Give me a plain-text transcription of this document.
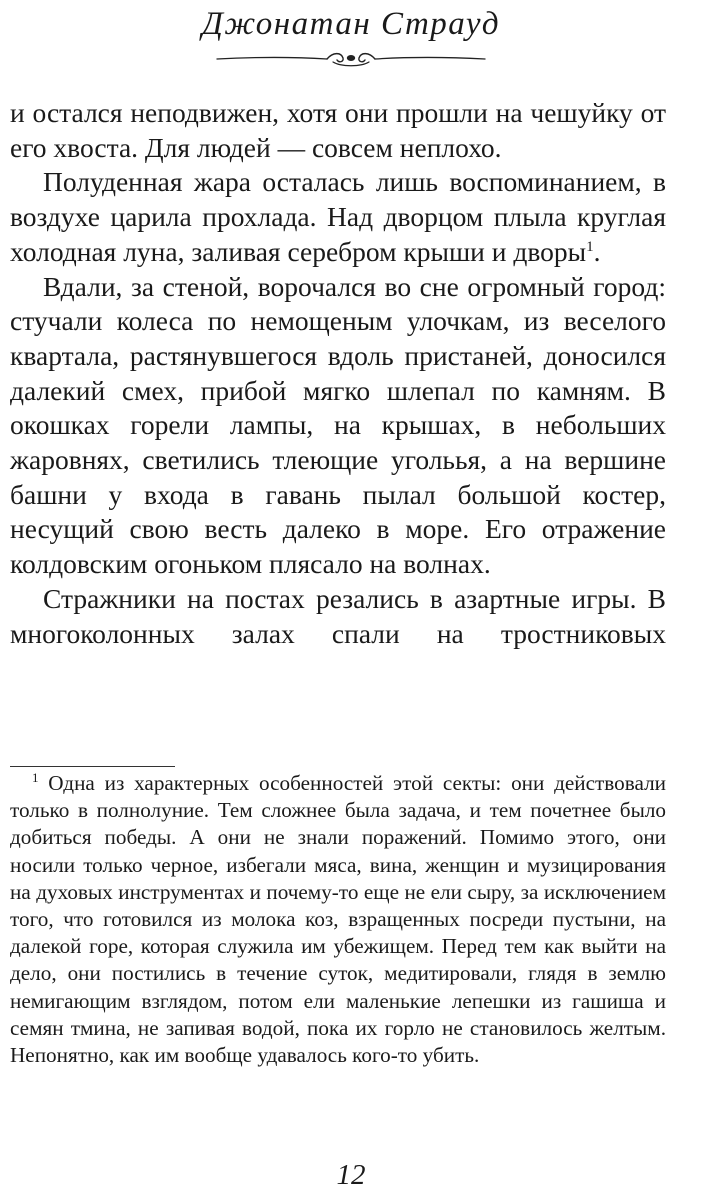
Джонатан Страуд

и остался неподвижен, хотя они прошли на чешуйку от его хвоста. Для людей — совсем неплохо.

Полуденная жара осталась лишь воспоминанием, в воздухе царила прохлада. Над дворцом плыла круглая холодная луна, заливая серебром крыши и дворы$^1$.

Вдали, за стеной, ворочался во сне огромный город: стучали колеса по немощеным улочкам, из веселого квартала, растянувшегося вдоль пристаней, доносился далекий смех, прибой мягко шлепал по камням. В окошках горели лампы, на крышах, в небольших жаровнях, светились тлеющие угольья, а на вершине башни у входа в гавань пылал большой костер, несущий свою весть далеко в море. Его отражение колдовским огоньком плясало на волнах.

Стражники на постах резались в азартные игры. В многоколонных залах спали на тростниковых

$^1$ Одна из характерных особенностей этой секты: они действовали только в полнолуние. Тем сложнее была задача, и тем почетнее было добиться победы. А они не знали поражений. Помимо этого, они носили только черное, избегали мяса, вина, женщин и музицирования на духовых инструментах и почему-то еще не ели сыру, за исключением того, что готовился из молока коз, взращенных посреди пустыни, на далекой горе, которая служила им убежищем. Перед тем как выйти на дело, они постились в течение суток, медитировали, глядя в землю немигающим взглядом, потом ели маленькие лепешки из гашиша и семян тмина, не запивая водой, пока их горло не становилось желтым. Непонятно, как им вообще удавалось кого-то убить.

12
